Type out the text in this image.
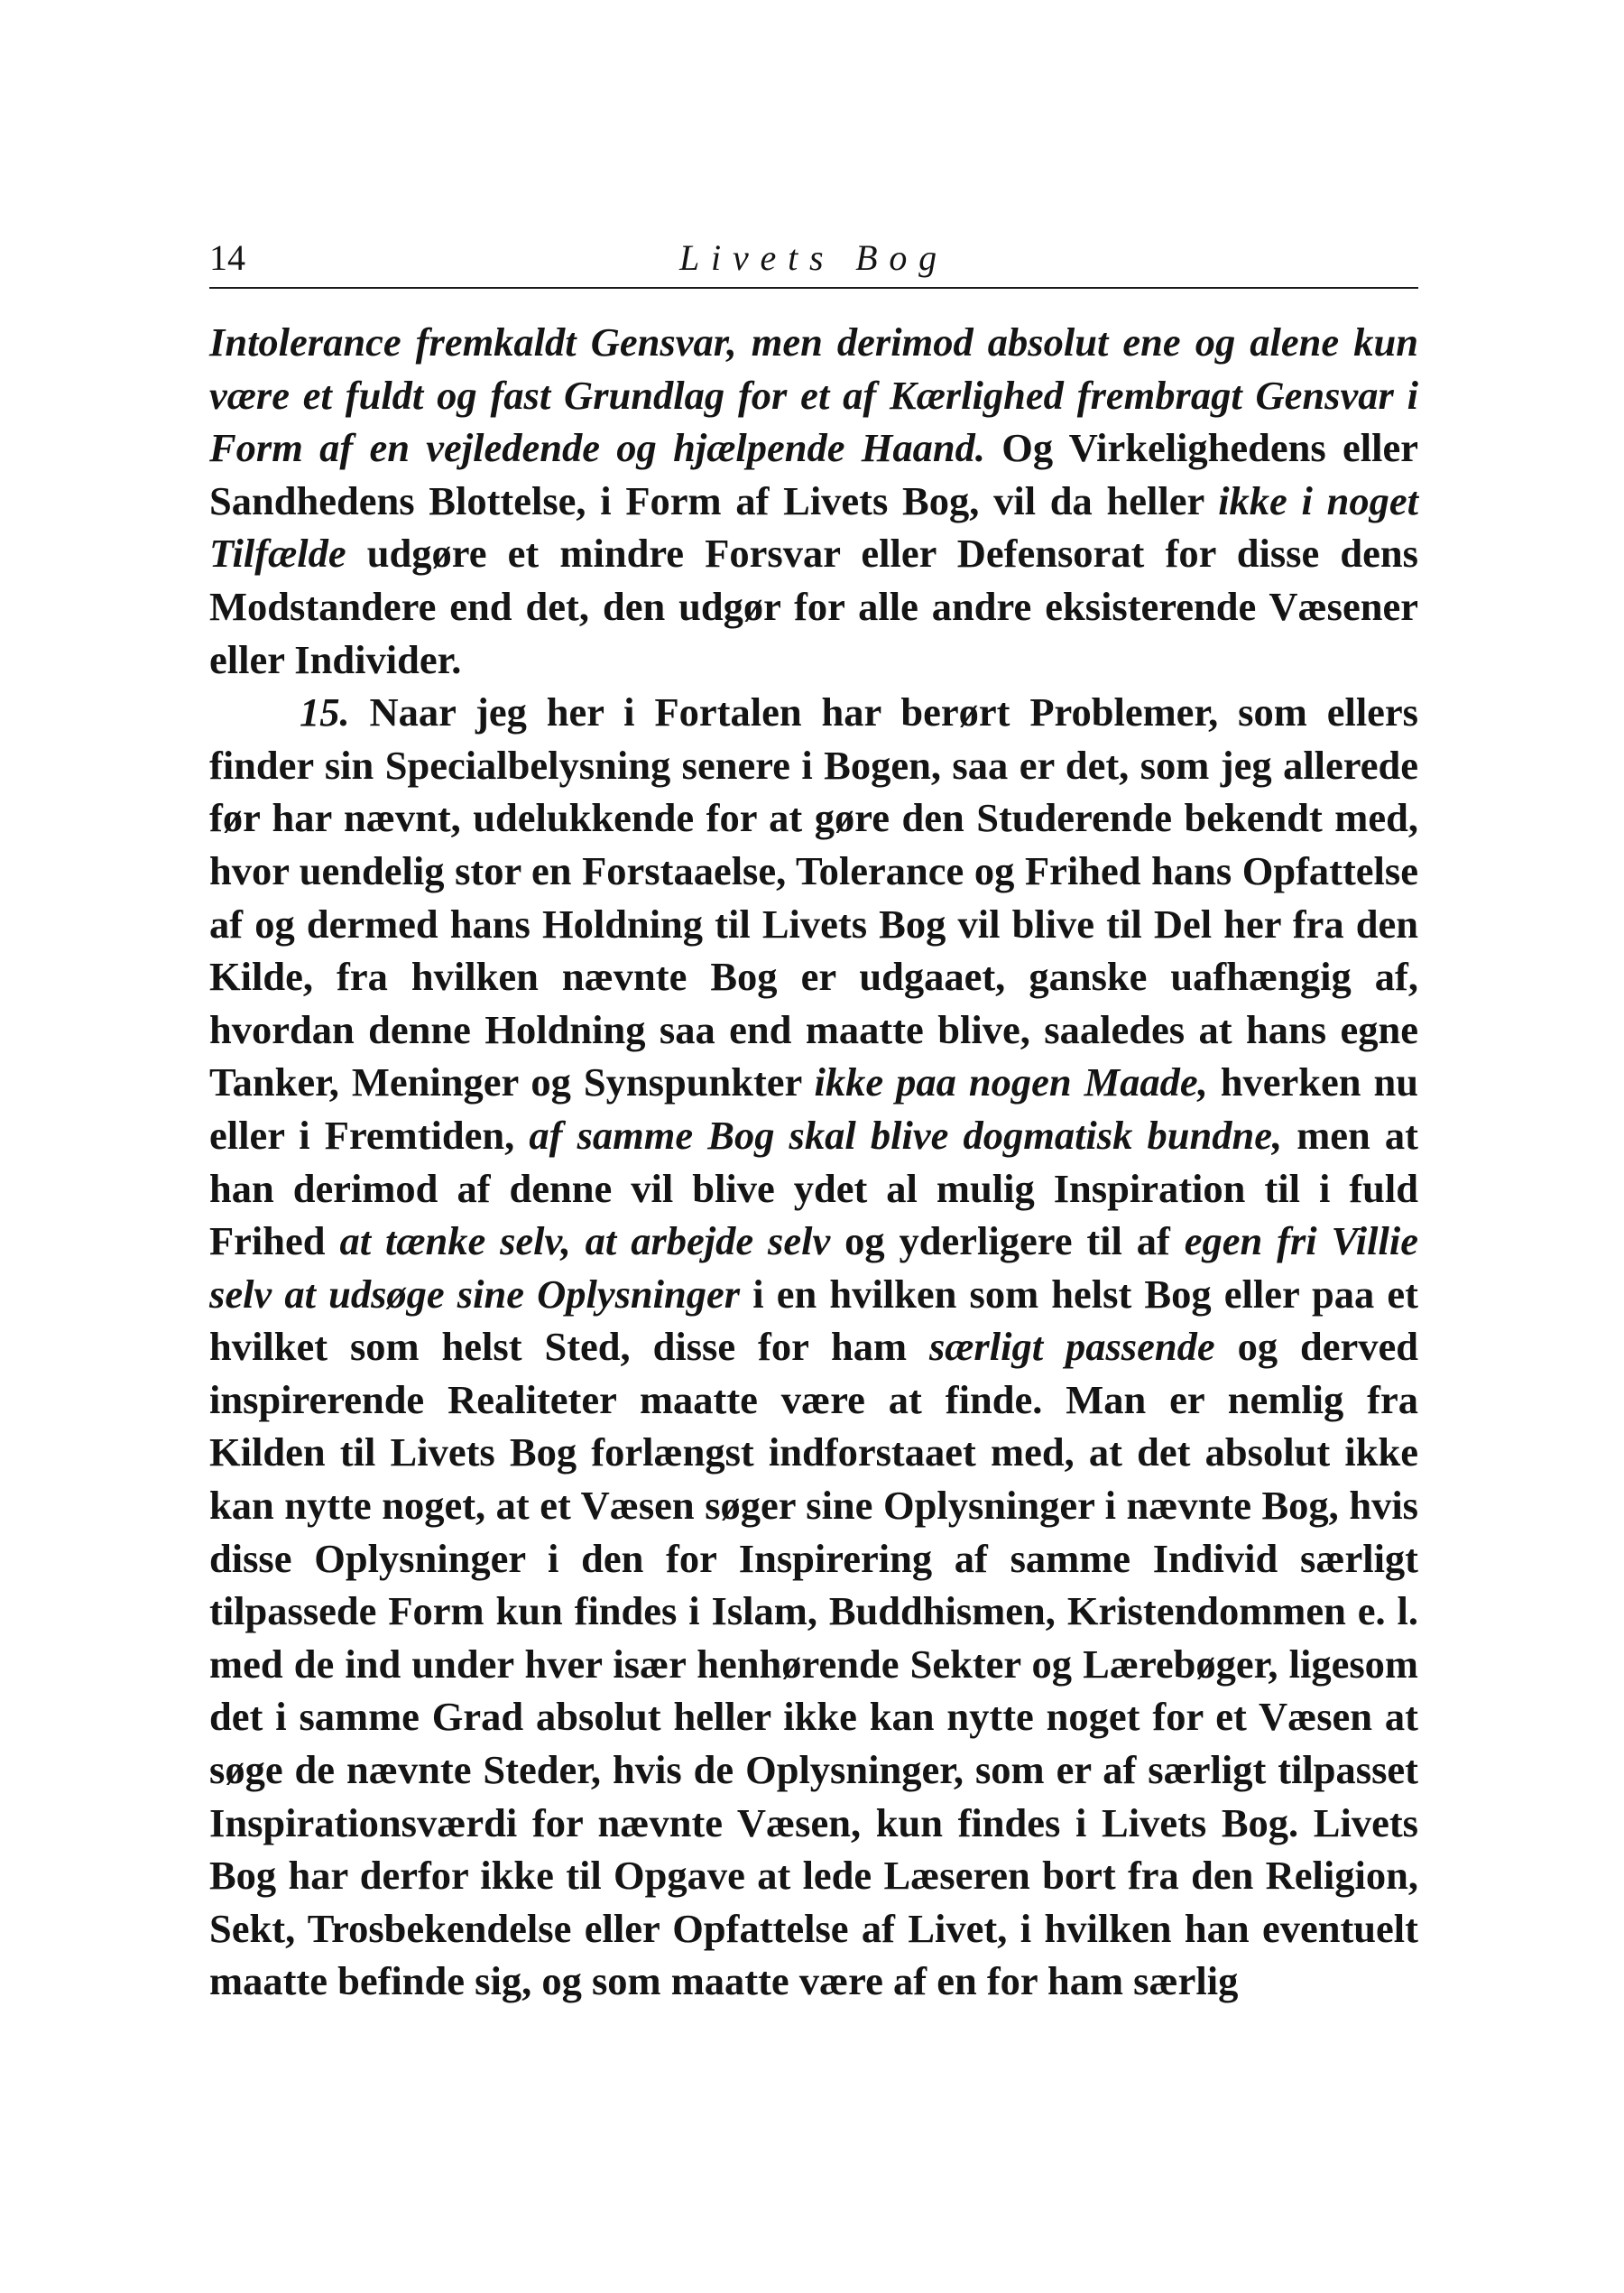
14	Livets Bog

Intolerance fremkaldt Gensvar, men derimod absolut ene og alene kun være et fuldt og fast Grundlag for et af Kærlighed frembragt Gensvar i Form af en vejledende og hjælpende Haand. Og Virkelighedens eller Sandhedens Blottelse, i Form af Livets Bog, vil da heller ikke i noget Tilfælde udgøre et mindre Forsvar eller Defensorat for disse dens Modstandere end det, den udgør for alle andre eksisterende Væsener eller Individer.

15. Naar jeg her i Fortalen har berørt Problemer, som ellers finder sin Specialbelysning senere i Bogen, saa er det, som jeg allerede før har nævnt, udelukkende for at gøre den Studerende bekendt med, hvor uendelig stor en Forstaaelse, Tolerance og Frihed hans Opfattelse af og dermed hans Holdning til Livets Bog vil blive til Del her fra den Kilde, fra hvilken nævnte Bog er udgaaet, ganske uafhængig af, hvordan denne Holdning saa end maatte blive, saaledes at hans egne Tanker, Meninger og Synspunkter ikke paa nogen Maade, hverken nu eller i Fremtiden, af samme Bog skal blive dogmatisk bundne, men at han derimod af denne vil blive ydet al mulig Inspiration til i fuld Frihed at tænke selv, at arbejde selv og yderligere til af egen fri Villie selv at udsøge sine Oplysninger i en hvilken som helst Bog eller paa et hvilket som helst Sted, disse for ham særligt passende og derved inspirerende Realiteter maatte være at finde. Man er nemlig fra Kilden til Livets Bog forlængst indforstaaet med, at det absolut ikke kan nytte noget, at et Væsen søger sine Oplysninger i nævnte Bog, hvis disse Oplysninger i den for Inspirering af samme Individ særligt tilpassede Form kun findes i Islam, Buddhismen, Kristendommen e. l. med de ind under hver især henhørende Sekter og Lærebøger, ligesom det i samme Grad absolut heller ikke kan nytte noget for et Væsen at søge de nævnte Steder, hvis de Oplysninger, som er af særligt tilpasset Inspirationsværdi for nævnte Væsen, kun findes i Livets Bog. Livets Bog har derfor ikke til Opgave at lede Læseren bort fra den Religion, Sekt, Trosbekendelse eller Opfattelse af Livet, i hvilken han eventuelt maatte befinde sig, og som maatte være af en for ham særlig
